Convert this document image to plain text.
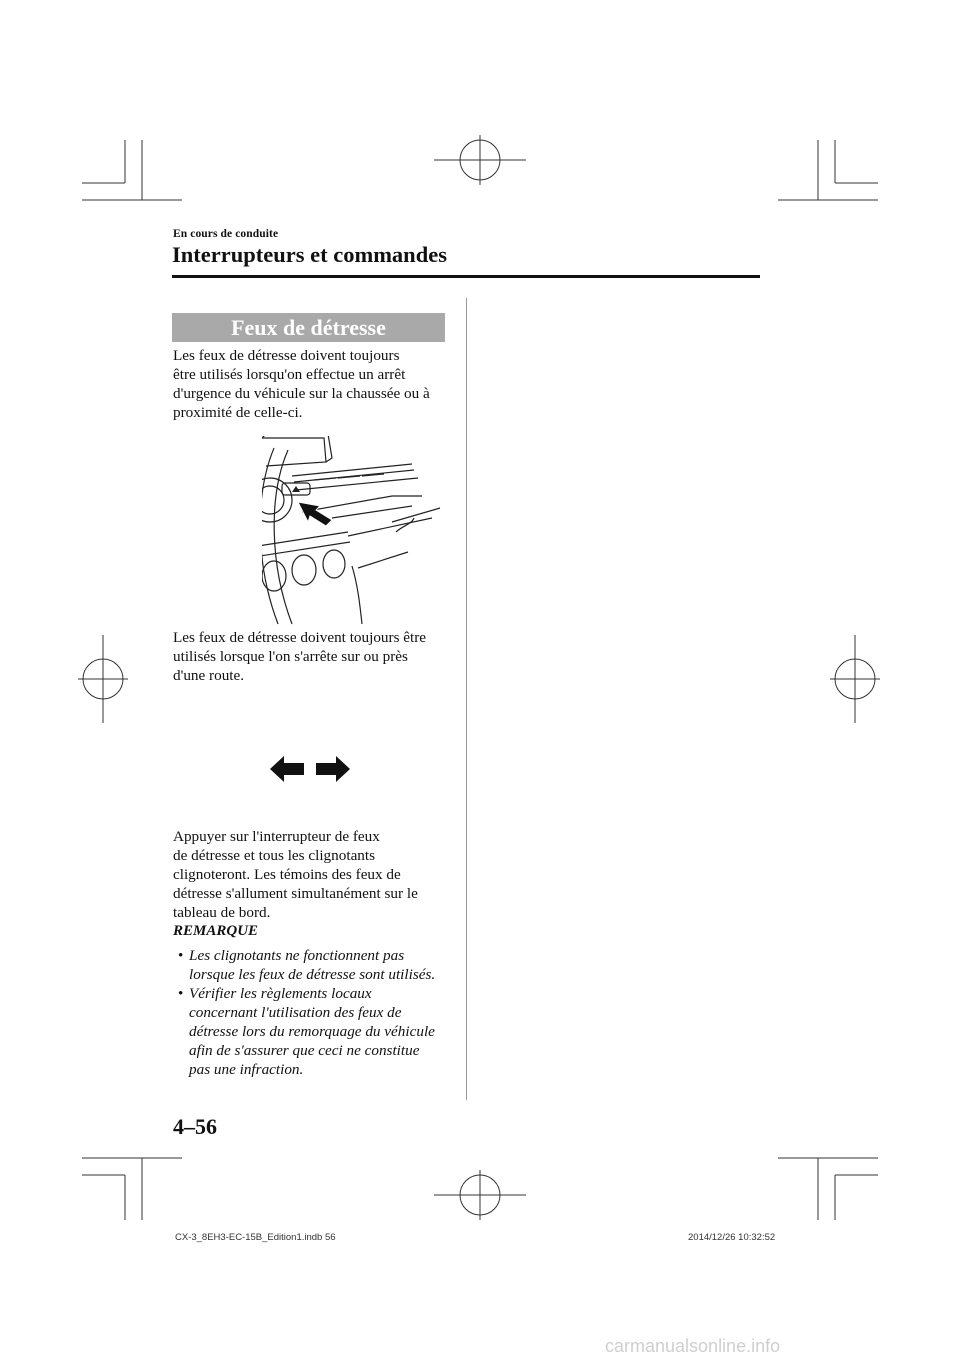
En cours de conduite
Interrupteurs et commandes
Feux de détresse
Les feux de détresse doivent toujours
être utilisés lorsqu'on effectue un arrêt
d'urgence du véhicule sur la chaussée ou à
proximité de celle-ci.
Les feux de détresse doivent toujours être
utilisés lorsque l'on s'arrête sur ou près
d'une route.
Appuyer sur l'interrupteur de feux
de détresse et tous les clignotants
clignoteront. Les témoins des feux de
détresse s'allument simultanément sur le
tableau de bord.
REMARQUE
• Les clignotants ne fonctionnent pas
lorsque les feux de détresse sont utilisés.
• Vérifier les règlements locaux
concernant l'utilisation des feux de
détresse lors du remorquage du véhicule
afin de s'assurer que ceci ne constitue
pas une infraction.
4–56
CX-3_8EH3-EC-15B_Edition1.indb 56	2014/12/26 10:32:52
carmanualsonline.info
